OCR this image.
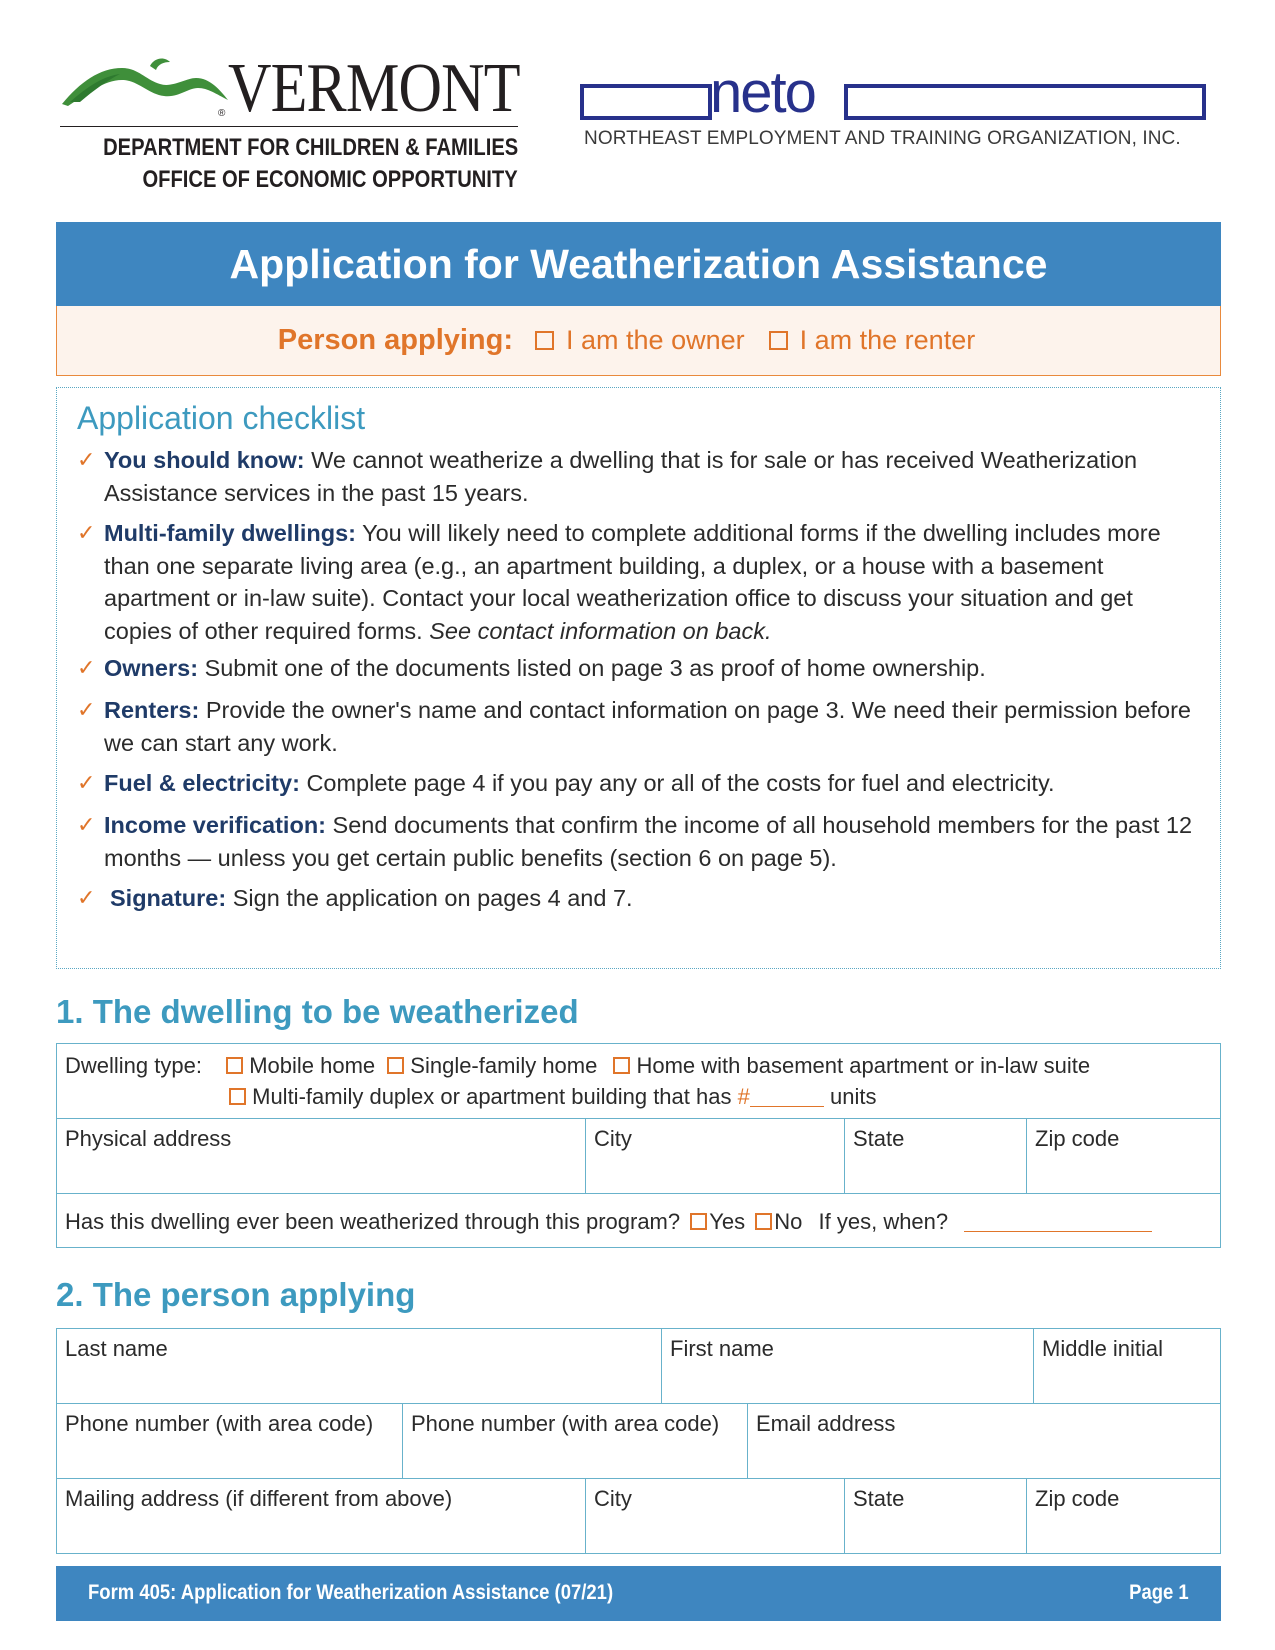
VERMONT
®
DEPARTMENT FOR CHILDREN & FAMILIES
OFFICE OF ECONOMIC OPPORTUNITY
neto
NORTHEAST EMPLOYMENT AND TRAINING ORGANIZATION, INC.
Application for Weatherization Assistance
Person applying: I am the owner I am the renter
Application checklist
✓ You should know: We cannot weatherize a dwelling that is for sale or has received Weatherization Assistance services in the past 15 years.
✓ Multi-family dwellings: You will likely need to complete additional forms if the dwelling includes more than one separate living area (e.g., an apartment building, a duplex, or a house with a basement apartment or in-law suite). Contact your local weatherization office to discuss your situation and get copies of other required forms. See contact information on back.
✓ Owners: Submit one of the documents listed on page 3 as proof of home ownership.
✓ Renters: Provide the owner's name and contact information on page 3. We need their permission before we can start any work.
✓ Fuel & electricity: Complete page 4 if you pay any or all of the costs for fuel and electricity.
✓ Income verification: Send documents that confirm the income of all household members for the past 12 months — unless you get certain public benefits (section 6 on page 5).
✓ Signature: Sign the application on pages 4 and 7.
1. The dwelling to be weatherized
Dwelling type: Mobile home Single-family home Home with basement apartment or in-law suite
Multi-family duplex or apartment building that has #	units
Physical address	City	State	Zip code
Has this dwelling ever been weatherized through this program? Yes No If yes, when?
2. The person applying
Last name	First name	Middle initial
Phone number (with area code)	Phone number (with area code)	Email address
Mailing address (if different from above)	City	State	Zip code
Form 405: Application for Weatherization Assistance (07/21)	Page 1
